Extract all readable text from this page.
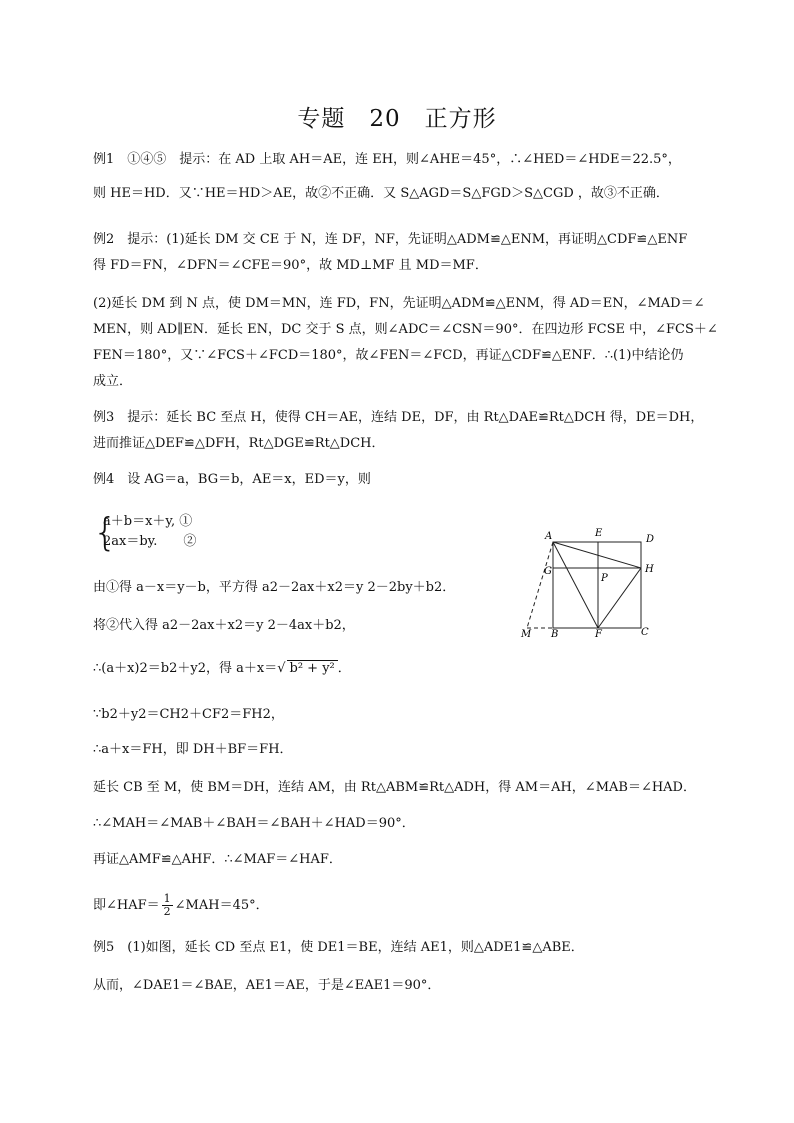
专题　20　正方形
例1　①④⑤　提示：在 AD 上取 AH＝AE，连 EH，则∠AHE＝45°，∴∠HED＝∠HDE＝22.5°，
则 HE＝HD．又∵HE＝HD＞AE，故②不正确．又 S△AGD＝S△FGD＞S△CGD ，故③不正确．
例2　提示：(1)延长 DM 交 CE 于 N，连 DF，NF，先证明△ADM≌△ENM，再证明△CDF≌△ENF
得 FD＝FN，∠DFN＝∠CFE＝90°，故 MD⊥MF 且 MD＝MF．
(2)延长 DM 到 N 点，使 DM＝MN，连 FD，FN，先证明△ADM≌△ENM，得 AD＝EN，∠MAD＝∠
MEN，则 AD∥EN．延长 EN，DC 交于 S 点，则∠ADC＝∠CSN＝90°．在四边形 FCSE 中，∠FCS＋∠
FEN＝180°，又∵∠FCS＋∠FCD＝180°，故∠FEN＝∠FCD，再证△CDF≌△ENF．∴(1)中结论仍
成立．
例3　提示：延长 BC 至点 H，使得 CH＝AE，连结 DE，DF，由 Rt△DAE≌Rt△DCH 得，DE＝DH，
进而推证△DEF≌△DFH，Rt△DGE≌Rt△DCH．
例4　设 AG＝a，BG＝b，AE＝x，ED＝y，则
{
a＋b＝x＋y, ①
2ax＝by.　　②
由①得 a－x＝y－b，平方得 a2－2ax＋x2＝y 2－2by＋b2．
将②代入得 a2－2ax＋x2＝y 2－4ax＋b2，
∴(a＋x)2＝b2＋y2，得 a＋x＝√ b² + y² ．
∵b2＋y2＝CH2＋CF2＝FH2，
∴a＋x＝FH，即 DH＋BF＝FH．
延长 CB 至 M，使 BM＝DH，连结 AM，由 Rt△ABM≌Rt△ADH，得 AM＝AH，∠MAB＝∠HAD．
∴∠MAH＝∠MAB＋∠BAH＝∠BAH＋∠HAD＝90°．
再证△AMF≌△AHF．∴∠MAF＝∠HAF．
即∠HAF＝ $\frac{1}{2}$ ∠MAH＝45°．
例5　(1)如图，延长 CD 至点 E1，使 DE1＝BE，连结 AE1，则△ADE1≌△ABE．
从而，∠DAE1＝∠BAE，AE1＝AE，于是∠EAE1＝90°．
A	E
D
G
P
H
M B	F	C
